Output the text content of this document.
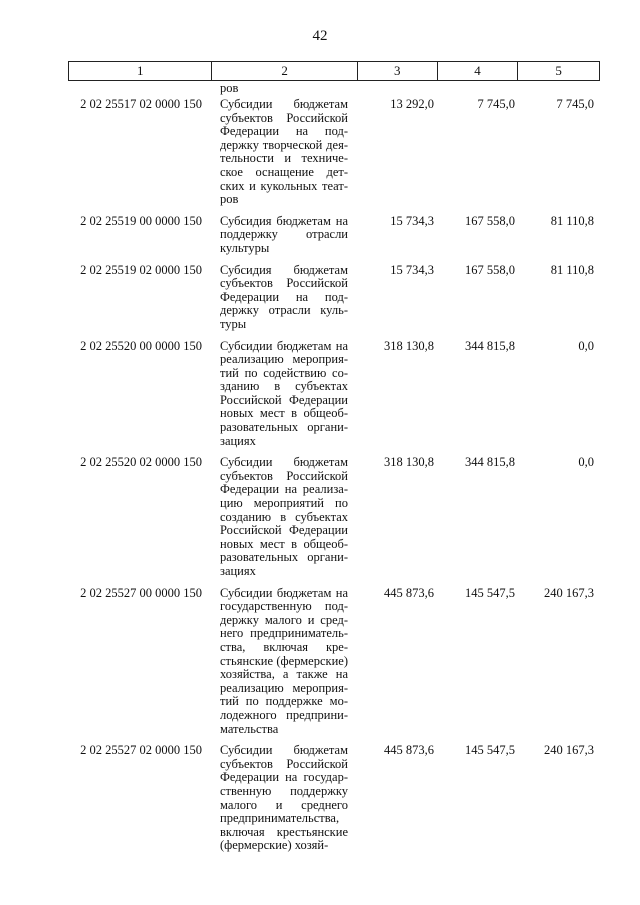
42
1	2	3	4	5
ров
2 02 25517 02 0000 150	Субсидии бюджетам
субъектов Российской
Федерации на под-
держку творческой дея-
тельности и техниче-
ское оснащение дет-
ских и кукольных теат-
ров
13 292,0	7 745,0	7 745,0
2 02 25519 00 0000 150	Субсидия бюджетам на
поддержку отрасли
культуры
15 734,3	167 558,0	81 110,8
2 02 25519 02 0000 150	Субсидия бюджетам
субъектов Российской
Федерации на под-
держку отрасли куль-
туры
15 734,3	167 558,0	81 110,8
2 02 25520 00 0000 150	Субсидии бюджетам на
реализацию мероприя-
тий по содействию со-
зданию в субъектах
Российской Федерации
новых мест в общеоб-
разовательных органи-
зациях
318 130,8	344 815,8	0,0
2 02 25520 02 0000 150	Субсидии бюджетам
субъектов Российской
Федерации на реализа-
цию мероприятий по
созданию в субъектах
Российской Федерации
новых мест в общеоб-
разовательных органи-
зациях
318 130,8	344 815,8	0,0
2 02 25527 00 0000 150	Субсидии бюджетам на
государственную под-
держку малого и сред-
него предприниматель-
ства, включая кре-
стьянские (фермерские)
хозяйства, а также на
реализацию мероприя-
тий по поддержке мо-
лодежного предприни-
мательства
445 873,6	145 547,5	240 167,3
2 02 25527 02 0000 150	Субсидии бюджетам
субъектов Российской
Федерации на государ-
ственную поддержку
малого и среднего
предпринимательства,
включая крестьянские
(фермерские) хозяй-
445 873,6	145 547,5	240 167,3
